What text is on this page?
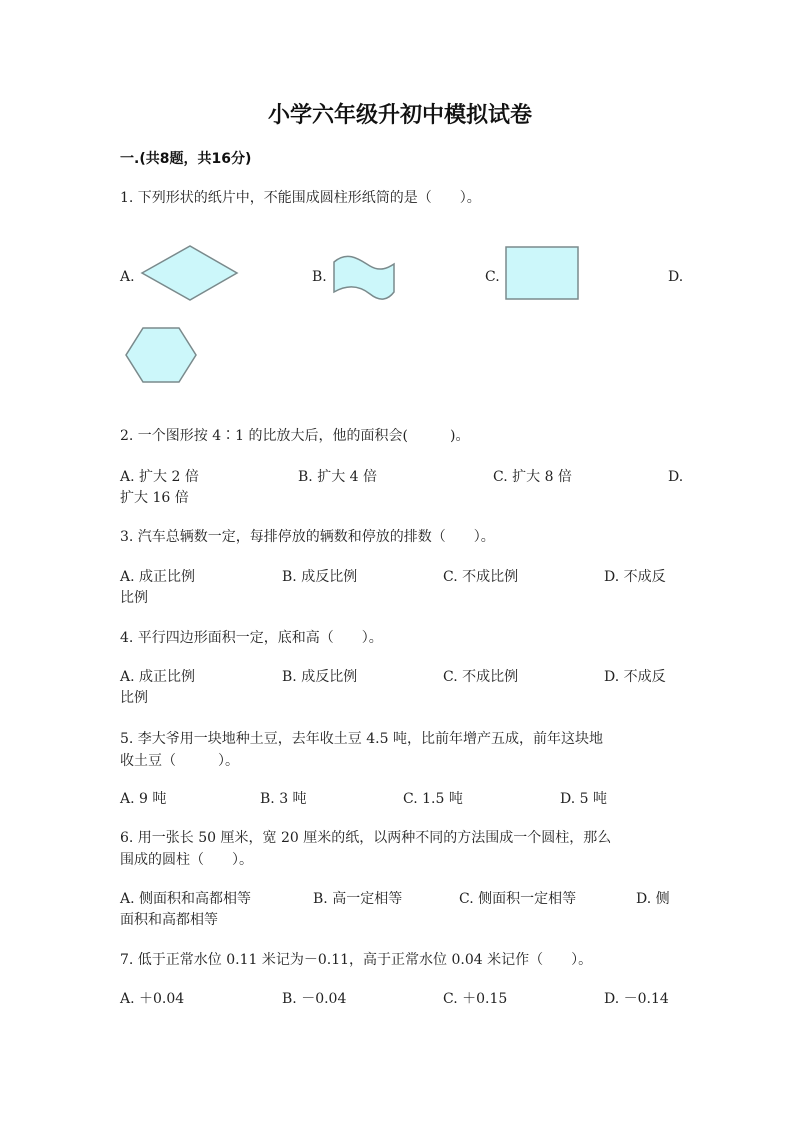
小学六年级升初中模拟试卷
一.(共8题，共16分)
1. 下列形状的纸片中，不能围成圆柱形纸筒的是（　　）。
A.	B.	C.	D.
2. 一个图形按 4∶1 的比放大后，他的面积会(　　　)。
A. 扩大 2 倍	B. 扩大 4 倍	C. 扩大 8 倍	D.
扩大 16 倍
3. 汽车总辆数一定，每排停放的辆数和停放的排数（　　）。
A. 成正比例	B. 成反比例	C. 不成比例	D. 不成反
比例
4. 平行四边形面积一定，底和高（　　）。
A. 成正比例	B. 成反比例	C. 不成比例	D. 不成反
比例
5. 李大爷用一块地种土豆，去年收土豆 4.5 吨，比前年增产五成，前年这块地
收土豆（　　　）。
A. 9 吨	B. 3 吨	C. 1.5 吨	D. 5 吨
6. 用一张长 50 厘米，宽 20 厘米的纸，以两种不同的方法围成一个圆柱，那么
围成的圆柱（　　）。
A. 侧面积和高都相等	B. 高一定相等	C. 侧面积一定相等	D. 侧
面积和高都相等
7. 低于正常水位 0.11 米记为－0.11，高于正常水位 0.04 米记作（　　）。
A. ＋0.04	B. －0.04	C. ＋0.15	D. －0.14
